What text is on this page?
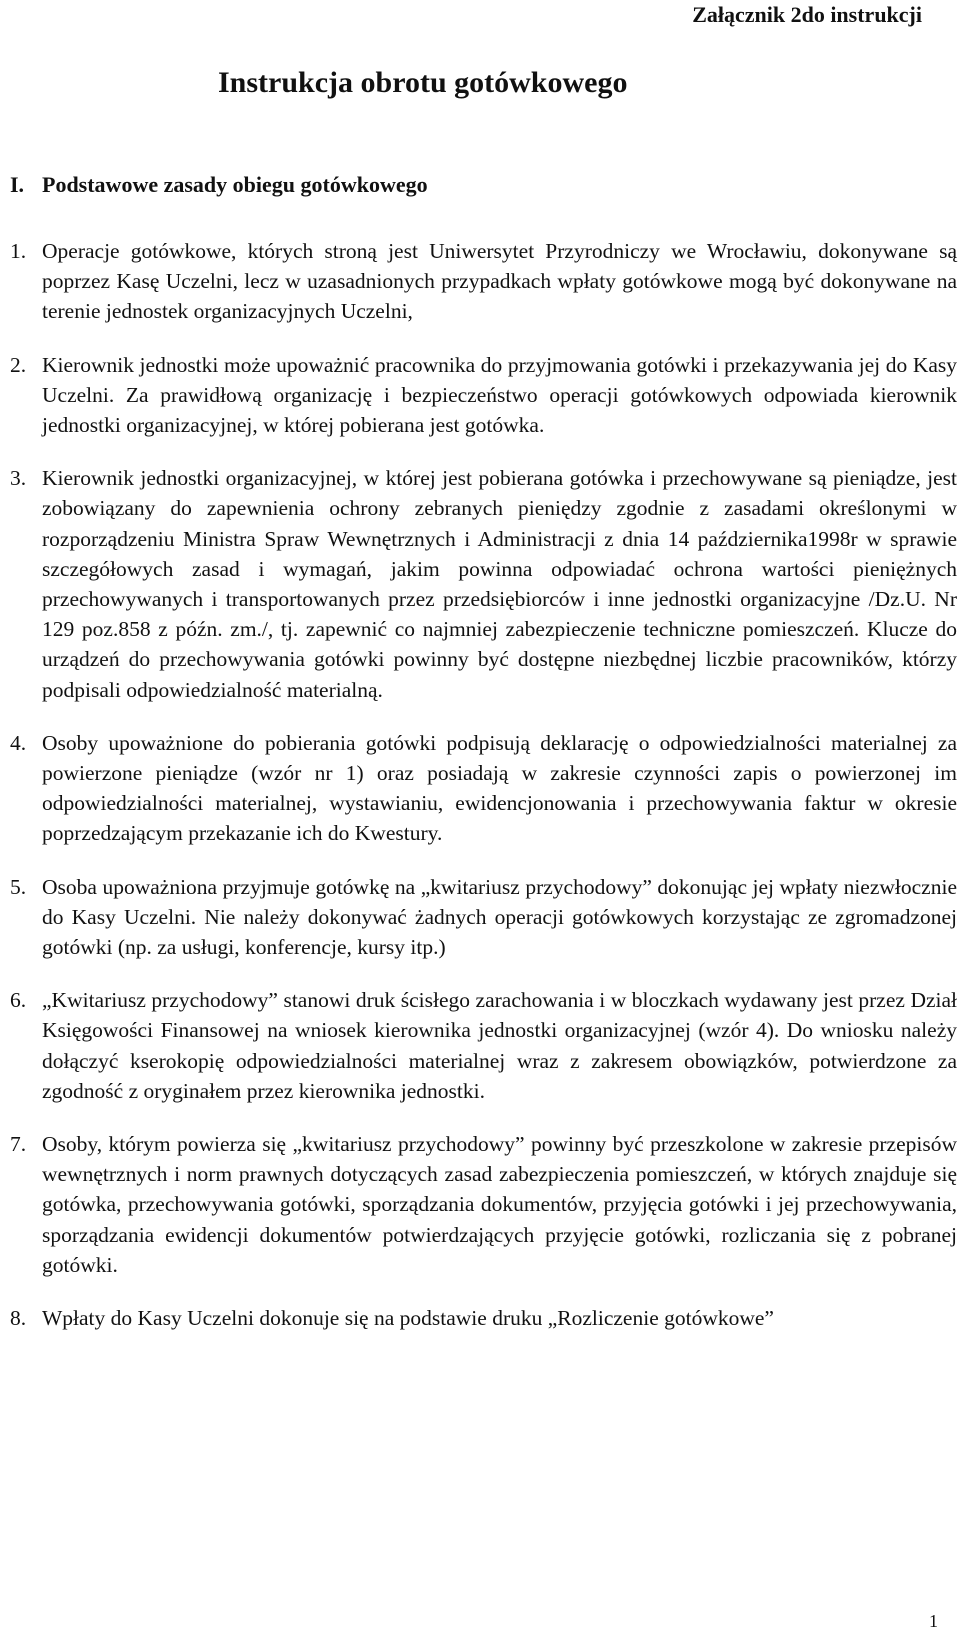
Załącznik 2do instrukcji

Instrukcja obrotu gotówkowego
I. Podstawowe zasady obiegu gotówkowego
1. Operacje gotówkowe, których stroną jest Uniwersytet Przyrodniczy we Wrocławiu, dokonywane są poprzez Kasę Uczelni, lecz w uzasadnionych przypadkach wpłaty gotówkowe mogą być dokonywane na terenie jednostek organizacyjnych Uczelni,
2. Kierownik jednostki może upoważnić pracownika do przyjmowania gotówki i przekazywania jej do Kasy Uczelni. Za prawidłową organizację i bezpieczeństwo operacji gotówkowych odpowiada kierownik jednostki organizacyjnej, w której pobierana jest gotówka.
3. Kierownik jednostki organizacyjnej, w której jest pobierana gotówka i przechowywane są pieniądze, jest zobowiązany do zapewnienia ochrony zebranych pieniędzy zgodnie z zasadami określonymi w rozporządzeniu Ministra Spraw Wewnętrznych i Administracji z dnia 14 października1998r w sprawie szczegółowych zasad i wymagań, jakim powinna odpowiadać ochrona wartości pieniężnych przechowywanych i transportowanych przez przedsiębiorców i inne jednostki organizacyjne /Dz.U. Nr 129 poz.858 z późn. zm./, tj. zapewnić co najmniej zabezpieczenie techniczne pomieszczeń. Klucze do urządzeń do przechowywania gotówki powinny być dostępne niezbędnej liczbie pracowników, którzy podpisali odpowiedzialność materialną.
4. Osoby upoważnione do pobierania gotówki podpisują deklarację o odpowiedzialności materialnej za powierzone pieniądze (wzór nr 1) oraz posiadają w zakresie czynności zapis o powierzonej im odpowiedzialności materialnej, wystawianiu, ewidencjonowania i przechowywania faktur w okresie poprzedzającym przekazanie ich do Kwestury.
5. Osoba upoważniona przyjmuje gotówkę na „kwitariusz przychodowy” dokonując jej wpłaty niezwłocznie do Kasy Uczelni. Nie należy dokonywać żadnych operacji gotówkowych korzystając ze zgromadzonej gotówki (np. za usługi, konferencje, kursy itp.)
6. „Kwitariusz przychodowy” stanowi druk ścisłego zarachowania i w bloczkach wydawany jest przez Dział Księgowości Finansowej na wniosek kierownika jednostki organizacyjnej (wzór 4). Do wniosku należy dołączyć kserokopię odpowiedzialności materialnej wraz z zakresem obowiązków, potwierdzone za zgodność z oryginałem przez kierownika jednostki.
7. Osoby, którym powierza się „kwitariusz przychodowy” powinny być przeszkolone w zakresie przepisów wewnętrznych i norm prawnych dotyczących zasad zabezpieczenia pomieszczeń, w których znajduje się gotówka, przechowywania gotówki, sporządzania dokumentów, przyjęcia gotówki i jej przechowywania, sporządzania ewidencji dokumentów potwierdzających przyjęcie gotówki, rozliczania się z pobranej gotówki.
8. Wpłaty do Kasy Uczelni dokonuje się na podstawie druku „Rozliczenie gotówkowe”

1
